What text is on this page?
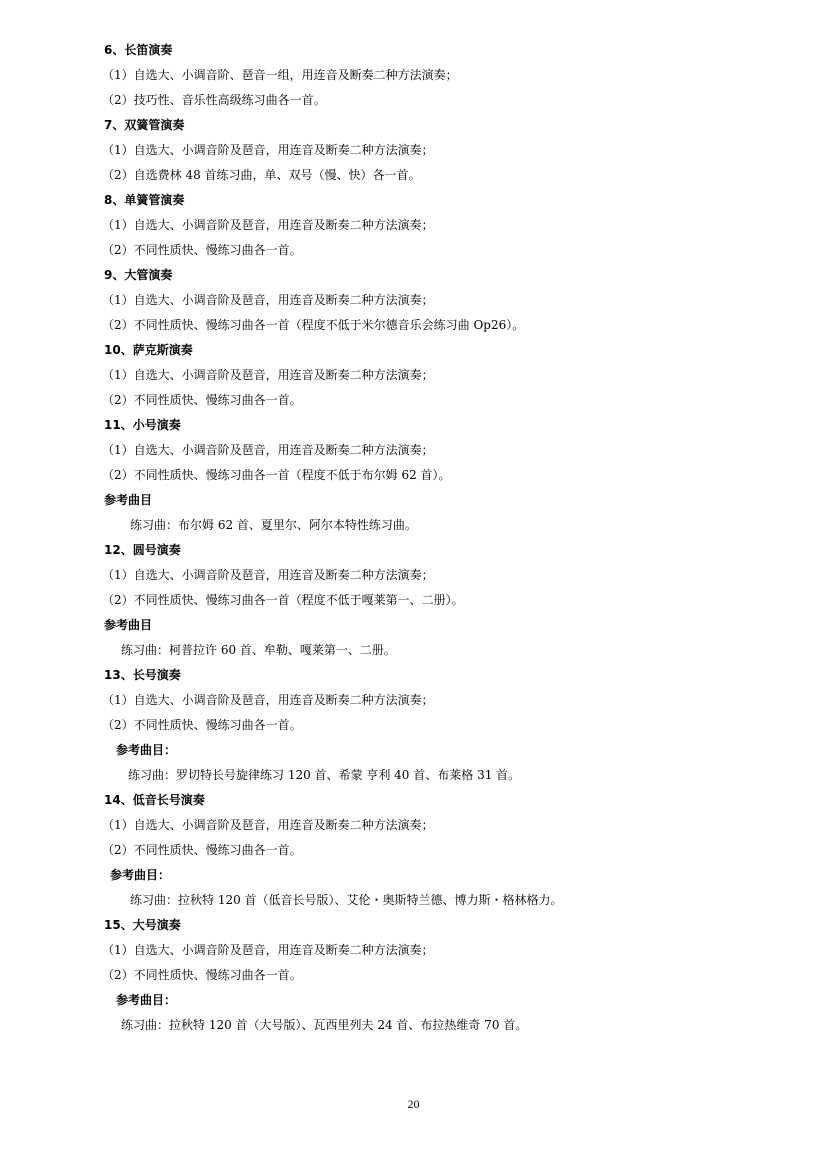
6、长笛演奏
（1）自选大、小调音阶、琶音一组，用连音及断奏二种方法演奏；
（2）技巧性、音乐性高级练习曲各一首。
7、双簧管演奏
（1）自选大、小调音阶及琶音，用连音及断奏二种方法演奏；
（2）自选费林 48 首练习曲，单、双号（慢、快）各一首。
8、单簧管演奏
（1）自选大、小调音阶及琶音，用连音及断奏二种方法演奏；
（2）不同性质快、慢练习曲各一首。
9、大管演奏
（1）自选大、小调音阶及琶音，用连音及断奏二种方法演奏；
（2）不同性质快、慢练习曲各一首（程度不低于米尔德音乐会练习曲 Op26）。
10、萨克斯演奏
（1）自选大、小调音阶及琶音，用连音及断奏二种方法演奏；
（2）不同性质快、慢练习曲各一首。
11、小号演奏
（1）自选大、小调音阶及琶音，用连音及断奏二种方法演奏；
（2）不同性质快、慢练习曲各一首（程度不低于布尔姆 62 首）。
参考曲目
练习曲：布尔姆 62 首、夏里尔、阿尔本特性练习曲。
12、圆号演奏
（1）自选大、小调音阶及琶音，用连音及断奏二种方法演奏；
（2）不同性质快、慢练习曲各一首（程度不低于嘎莱第一、二册）。
参考曲目
练习曲：柯普拉许 60 首、牟勒、嘎莱第一、二册。
13、长号演奏
（1）自选大、小调音阶及琶音，用连音及断奏二种方法演奏；
（2）不同性质快、慢练习曲各一首。
参考曲目：
练习曲：罗切特长号旋律练习 120 首、希蒙 亨利 40 首、布莱格 31 首。
14、低音长号演奏
（1）自选大、小调音阶及琶音，用连音及断奏二种方法演奏；
（2）不同性质快、慢练习曲各一首。
参考曲目：
练习曲：拉秋特 120 首（低音长号版）、艾伦・奥斯特兰德、博力斯・格林格力。
15、大号演奏
（1）自选大、小调音阶及琶音，用连音及断奏二种方法演奏；
（2）不同性质快、慢练习曲各一首。
参考曲目：
练习曲：拉秋特 120 首（大号版）、瓦西里列夫 24 首、布拉热维奇 70 首。
20
